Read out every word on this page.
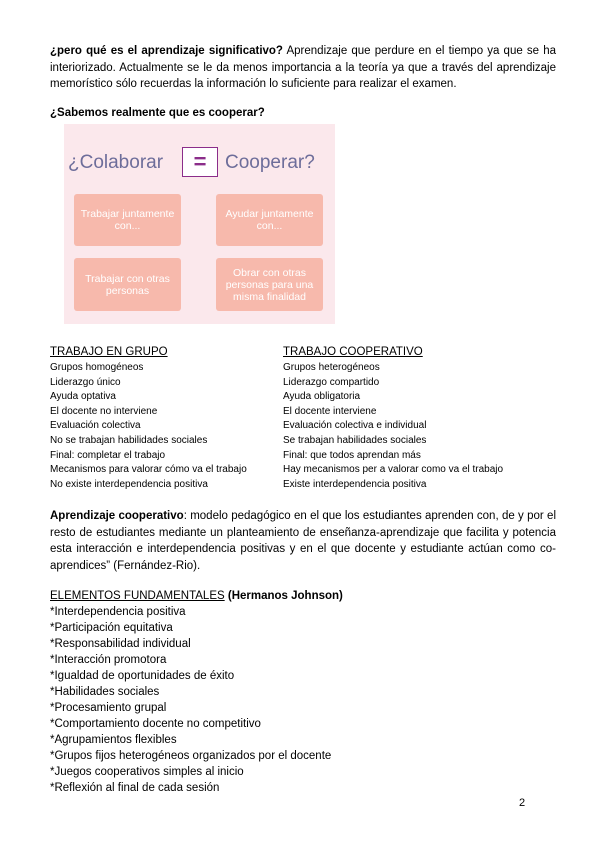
¿pero qué es el aprendizaje significativo? Aprendizaje que perdure en el tiempo ya que se ha interiorizado. Actualmente se le da menos importancia a la teoría ya que a través del aprendizaje memorístico sólo recuerdas la información lo suficiente para realizar el examen.

¿Sabemos realmente que es cooperar?
¿Colaborar	= Cooperar?
Trabajar juntamente con...
Ayudar juntamente con...
Trabajar con otras personas
Obrar con otras personas para una misma finalidad
TRABAJO EN GRUPO
Grupos homogéneos
Liderazgo único
Ayuda optativa
El docente no interviene
Evaluación colectiva
No se trabajan habilidades sociales
Final: completar el trabajo
Mecanismos para valorar cómo va el trabajo
No existe interdependencia positiva
TRABAJO COOPERATIVO
Grupos heterogéneos
Liderazgo compartido
Ayuda obligatoria
El docente interviene
Evaluación colectiva e individual
Se trabajan habilidades sociales
Final: que todos aprendan más
Hay mecanismos per a valorar como va el trabajo
Existe interdependencia positiva

Aprendizaje cooperativo: modelo pedagógico en el que los estudiantes aprenden con, de y por el resto de estudiantes mediante un planteamiento de enseñanza-aprendizaje que facilita y potencia esta interacción e interdependencia positivas y en el que docente y estudiante actúan como co-aprendices” (Fernández-Rio).

ELEMENTOS FUNDAMENTALES (Hermanos Johnson)
*Interdependencia positiva
*Participación equitativa
*Responsabilidad individual
*Interacción promotora
*Igualdad de oportunidades de éxito
*Habilidades sociales
*Procesamiento grupal
*Comportamiento docente no competitivo
*Agrupamientos flexibles
*Grupos fijos heterogéneos organizados por el docente
*Juegos cooperativos simples al inicio
*Reflexión al final de cada sesión
2
